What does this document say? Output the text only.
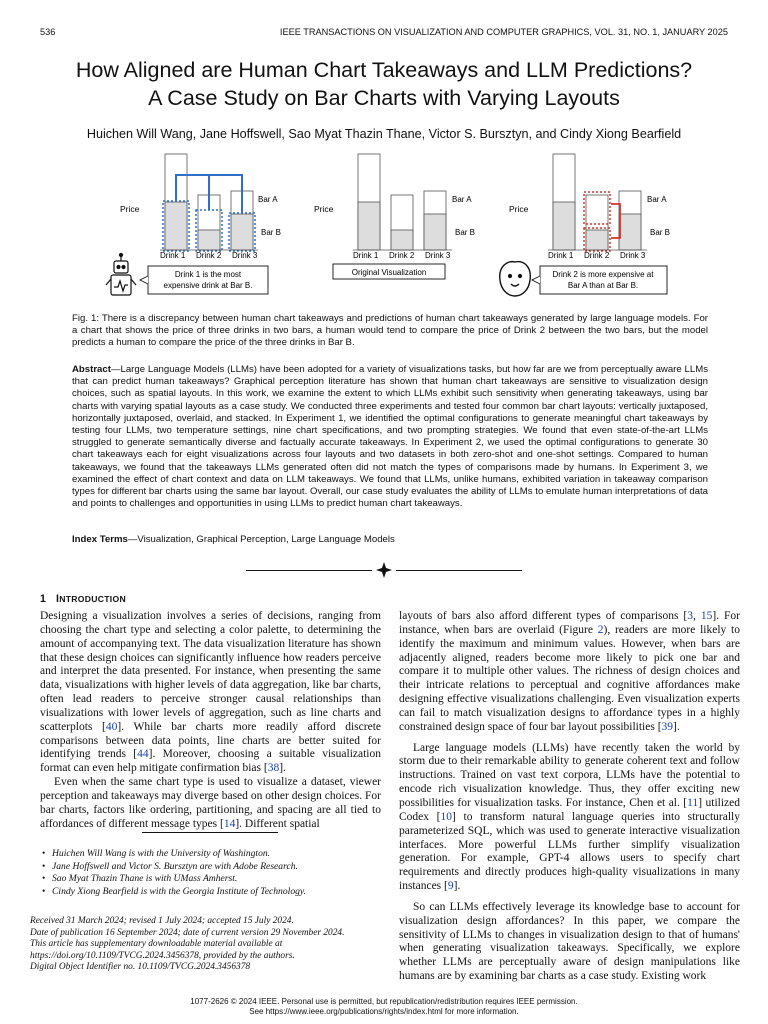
536	IEEE TRANSACTIONS ON VISUALIZATION AND COMPUTER GRAPHICS, VOL. 31, NO. 1, JANUARY 2025
How Aligned are Human Chart Takeaways and LLM Predictions?
A Case Study on Bar Charts with Varying Layouts
Huichen Will Wang, Jane Hoffswell, Sao Myat Thazin Thane, Victor S. Bursztyn, and Cindy Xiong Bearfield
Price
Drink 1 Drink 2 Drink 3
Bar A
Bar B
Drink 1 is the most
expensive drink at Bar B.
Price
Drink 1 Drink 2 Drink 3
Bar A
Bar B
Original Visualization
Price
Drink 1 Drink 2 Drink 3
Bar A
Bar B
Drink 2 is more expensive at
Bar A than at Bar B.
Fig. 1: There is a discrepancy between human chart takeaways and predictions of human chart takeaways generated by large language models. For a chart that shows the price of three drinks in two bars, a human would tend to compare the price of Drink 2 between the two bars, but the model predicts a human to compare the price of the three drinks in Bar B.
Abstract—Large Language Models (LLMs) have been adopted for a variety of visualizations tasks, but how far are we from perceptually aware LLMs that can predict human takeaways? Graphical perception literature has shown that human chart takeaways are sensitive to visualization design choices, such as spatial layouts. In this work, we examine the extent to which LLMs exhibit such sensitivity when generating takeaways, using bar charts with varying spatial layouts as a case study. We conducted three experiments and tested four common bar chart layouts: vertically juxtaposed, horizontally juxtaposed, overlaid, and stacked. In Experiment 1, we identified the optimal configurations to generate meaningful chart takeaways by testing four LLMs, two temperature settings, nine chart specifications, and two prompting strategies. We found that even state-of-the-art LLMs struggled to generate semantically diverse and factually accurate takeaways. In Experiment 2, we used the optimal configurations to generate 30 chart takeaways each for eight visualizations across four layouts and two datasets in both zero-shot and one-shot settings. Compared to human takeaways, we found that the takeaways LLMs generated often did not match the types of comparisons made by humans. In Experiment 3, we examined the effect of chart context and data on LLM takeaways. We found that LLMs, unlike humans, exhibited variation in takeaway comparison types for different bar charts using the same bar layout. Overall, our case study evaluates the ability of LLMs to emulate human interpretations of data and points to challenges and opportunities in using LLMs to predict human chart takeaways.
Index Terms—Visualization, Graphical Perception, Large Language Models
1 INTRODUCTION

Designing a visualization involves a series of decisions, ranging from choosing the chart type and selecting a color palette, to determining the amount of accompanying text. The data visualization literature has shown that these design choices can significantly influence how readers perceive and interpret the data presented. For instance, when presenting the same data, visualizations with higher levels of data aggregation, like bar charts, often lead readers to perceive stronger causal relationships than visualizations with lower levels of aggregation, such as line charts and scatterplots [40]. While bar charts more readily afford discrete comparisons between data points, line charts are better suited for identifying trends [44]. Moreover, choosing a suitable visualization format can even help mitigate confirmation bias [38].

Even when the same chart type is used to visualize a dataset, viewer perception and takeaways may diverge based on other design choices. For bar charts, factors like ordering, partitioning, and spacing are all tied to affordances of different message types [14]. Different spatial

• Huichen Will Wang is with the University of Washington.
• Jane Hoffswell and Victor S. Bursztyn are with Adobe Research.
• Sao Myat Thazin Thane is with UMass Amherst.
• Cindy Xiong Bearfield is with the Georgia Institute of Technology.
Received 31 March 2024; revised 1 July 2024; accepted 15 July 2024.
Date of publication 16 September 2024; date of current version 29 November 2024.
This article has supplementary downloadable material available at
https://doi.org/10.1109/TVCG.2024.3456378, provided by the authors.
Digital Object Identifier no. 10.1109/TVCG.2024.3456378

layouts of bars also afford different types of comparisons [3, 15]. For instance, when bars are overlaid (Figure 2), readers are more likely to identify the maximum and minimum values. However, when bars are adjacently aligned, readers become more likely to pick one bar and compare it to multiple other values. The richness of design choices and their intricate relations to perceptual and cognitive affordances make designing effective visualizations challenging. Even visualization experts can fail to match visualization designs to affordance types in a highly constrained design space of four bar layout possibilities [39].

Large language models (LLMs) have recently taken the world by storm due to their remarkable ability to generate coherent text and follow instructions. Trained on vast text corpora, LLMs have the potential to encode rich visualization knowledge. Thus, they offer exciting new possibilities for visualization tasks. For instance, Chen et al. [11] utilized Codex [10] to transform natural language queries into structurally parameterized SQL, which was used to generate interactive visualization interfaces. More powerful LLMs further simplify visualization generation. For example, GPT-4 allows users to specify chart requirements and directly produces high-quality visualizations in many instances [9].

So can LLMs effectively leverage its knowledge base to account for visualization design affordances? In this paper, we compare the sensitivity of LLMs to changes in visualization design to that of humans' when generating visualization takeaways. Specifically, we explore whether LLMs are perceptually aware of design manipulations like humans are by examining bar charts as a case study. Existing work

1077-2626 © 2024 IEEE. Personal use is permitted, but republication/redistribution requires IEEE permission.
See https://www.ieee.org/publications/rights/index.html for more information.
